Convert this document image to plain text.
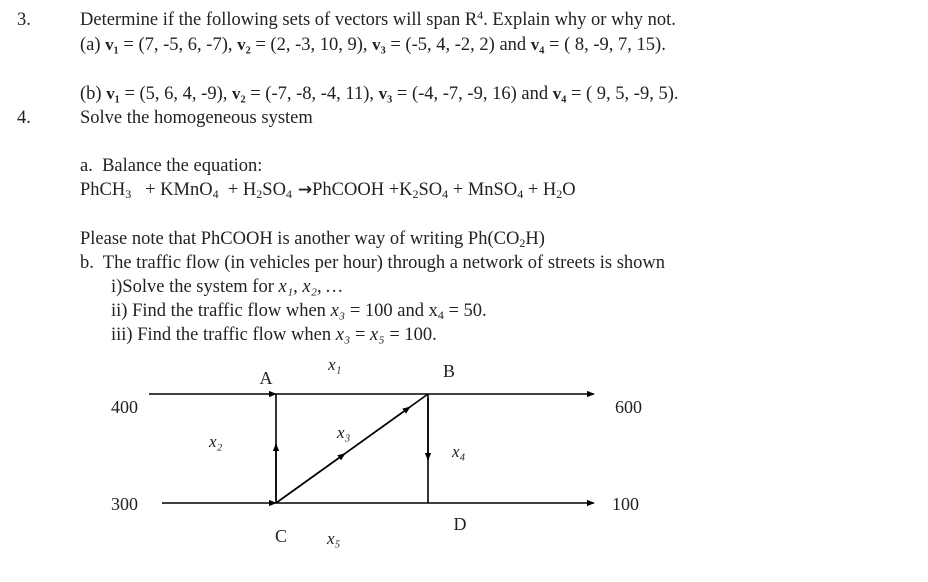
3.	Determine if the following sets of vectors will span $R^4$. Explain why or why not.
(a) v₁ = (7, -5, 6, -7), v₂ = (2, -3, 10, 9), v₃ = (-5, 4, -2, 2) and v₄ = ( 8, -9, 7, 15).
(b) v₁ = (5, 6, 4, -9), v₂ = (-7, -8, -4, 11), v₃ = (-4, -7, -9, 16) and v₄ = ( 9, 5, -9, 5).
4.	Solve the homogeneous system
a. Balance the equation:
PhCH$_3$   + KMnO$_4$  + $H_2SO_4$ →PhCOOH $+K_2SO_4$ + MnSO$_4$ + $H_2O$
Please note that PhCOOH is another way of writing $Ph(CO_2H)$
b. The traffic flow (in vehicles per hour) through a network of streets is shown
i)Solve the system for x₁, x₂, …
ii) Find the traffic flow when x₃ = 100 and $x_4 = 50$.
iii) Find the traffic flow when x₃ = x₅ = 100.
A	B
C
D
400	600
300	100
x₁
x₂	x₃
x₄
x₅
